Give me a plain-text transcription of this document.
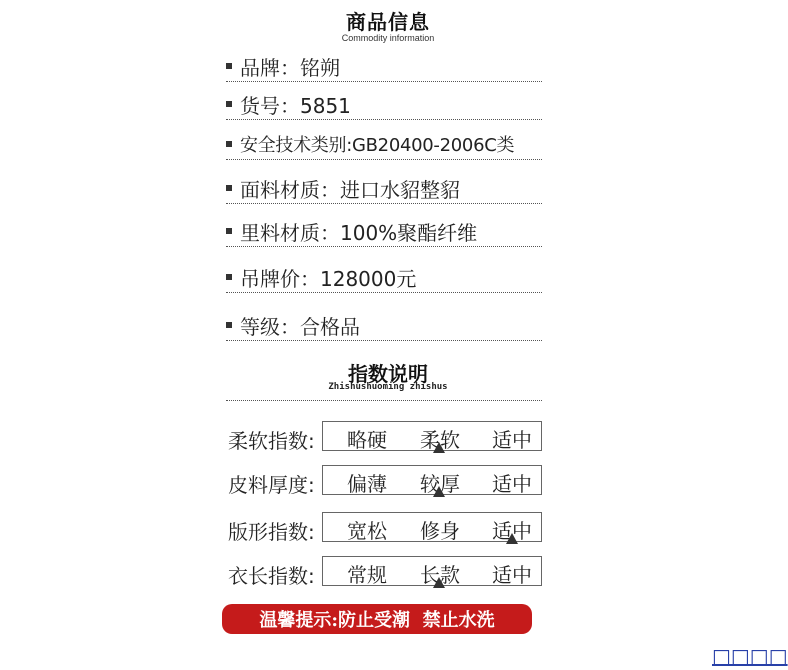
商品信息
Commodity information
品牌：铭朔
货号：5851
安全技术类别:GB20400-2006C类
面料材质：进口水貂整貂
里料材质：100%聚酯纤维
吊牌价：128000元
等级：合格品
指数说明
Zhishushuoming zhishus
柔软指数: 略硬 柔软 适中
皮料厚度: 偏薄 较厚 适中
版形指数: 宽松 修身 适中
衣长指数: 常规 长款 适中
温馨提示:防止受潮  禁止水洗
□□□□
